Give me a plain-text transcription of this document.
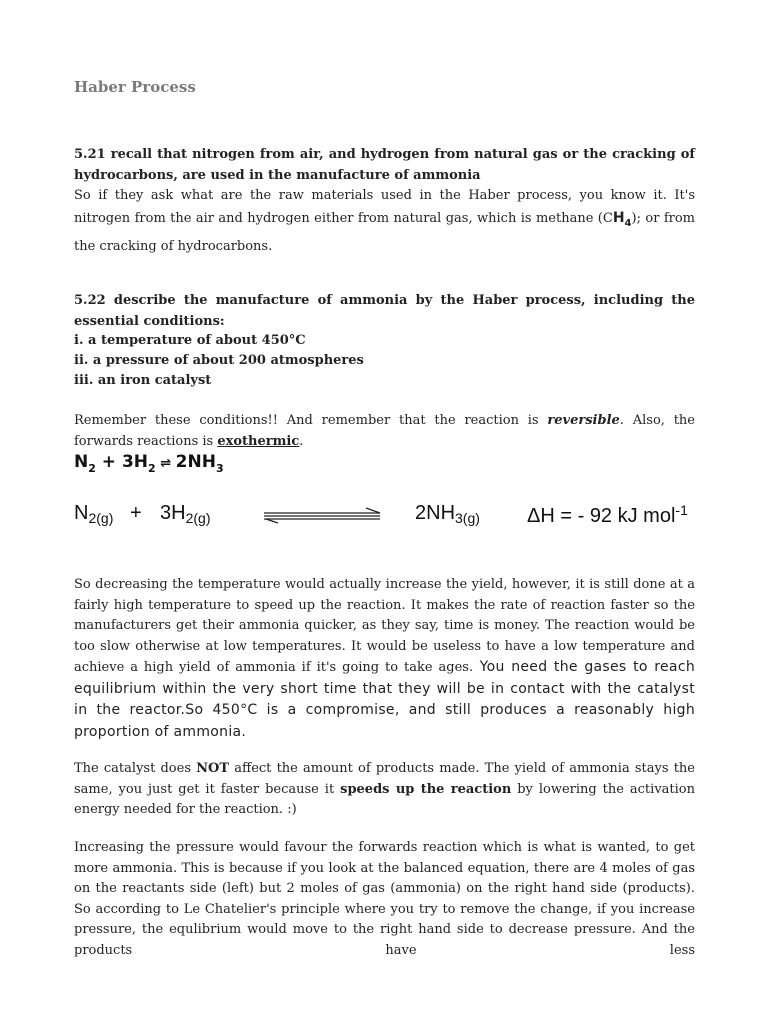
Haber Process

5.21 recall that nitrogen from air, and hydrogen from natural gas or the cracking of hydrocarbons, are used in the manufacture of ammonia

So if they ask what are the raw materials used in the Haber process, you know it. It's nitrogen from the air and hydrogen either from natural gas, which is methane $(CH_4)$; or from the cracking of hydrocarbons.

5.22 describe the manufacture of ammonia by the Haber process, including the essential conditions:

i. a temperature of about 450°C

ii. a pressure of about 200 atmospheres

iii. an iron catalyst

Remember these conditions!! And remember that the reaction is reversible. Also, the forwards reactions is exothermic.

$N_2 + 3H_2$ ⇌ $2NH_3$
$N_{2(g)} + 3H_{2(g)}$	$2NH_{3(g)}$ ΔH = - 92 kJ mol$^{-1}$

So decreasing the temperature would actually increase the yield, however, it is still done at a fairly high temperature to speed up the reaction. It makes the rate of reaction faster so the manufacturers get their ammonia quicker, as they say, time is money. The reaction would be too slow otherwise at low temperatures. It would be useless to have a low temperature and achieve a high yield of ammonia if it's going to take ages. You need the gases to reach equilibrium within the very short time that they will be in contact with the catalyst in the reactor.So 450°C is a compromise, and still produces a reasonably high proportion of ammonia.

The catalyst does NOT affect the amount of products made. The yield of ammonia stays the same, you just get it faster because it speeds up the reaction by lowering the activation energy needed for the reaction. :)

Increasing the pressure would favour the forwards reaction which is what is wanted, to get more ammonia. This is because if you look at the balanced equation, there are 4 moles of gas on the reactants side (left) but 2 moles of gas (ammonia) on the right hand side (products). So according to Le Chatelier's principle where you try to remove the change, if you increase pressure, the equlibrium would move to the right hand side to decrease pressure. And the products have less
